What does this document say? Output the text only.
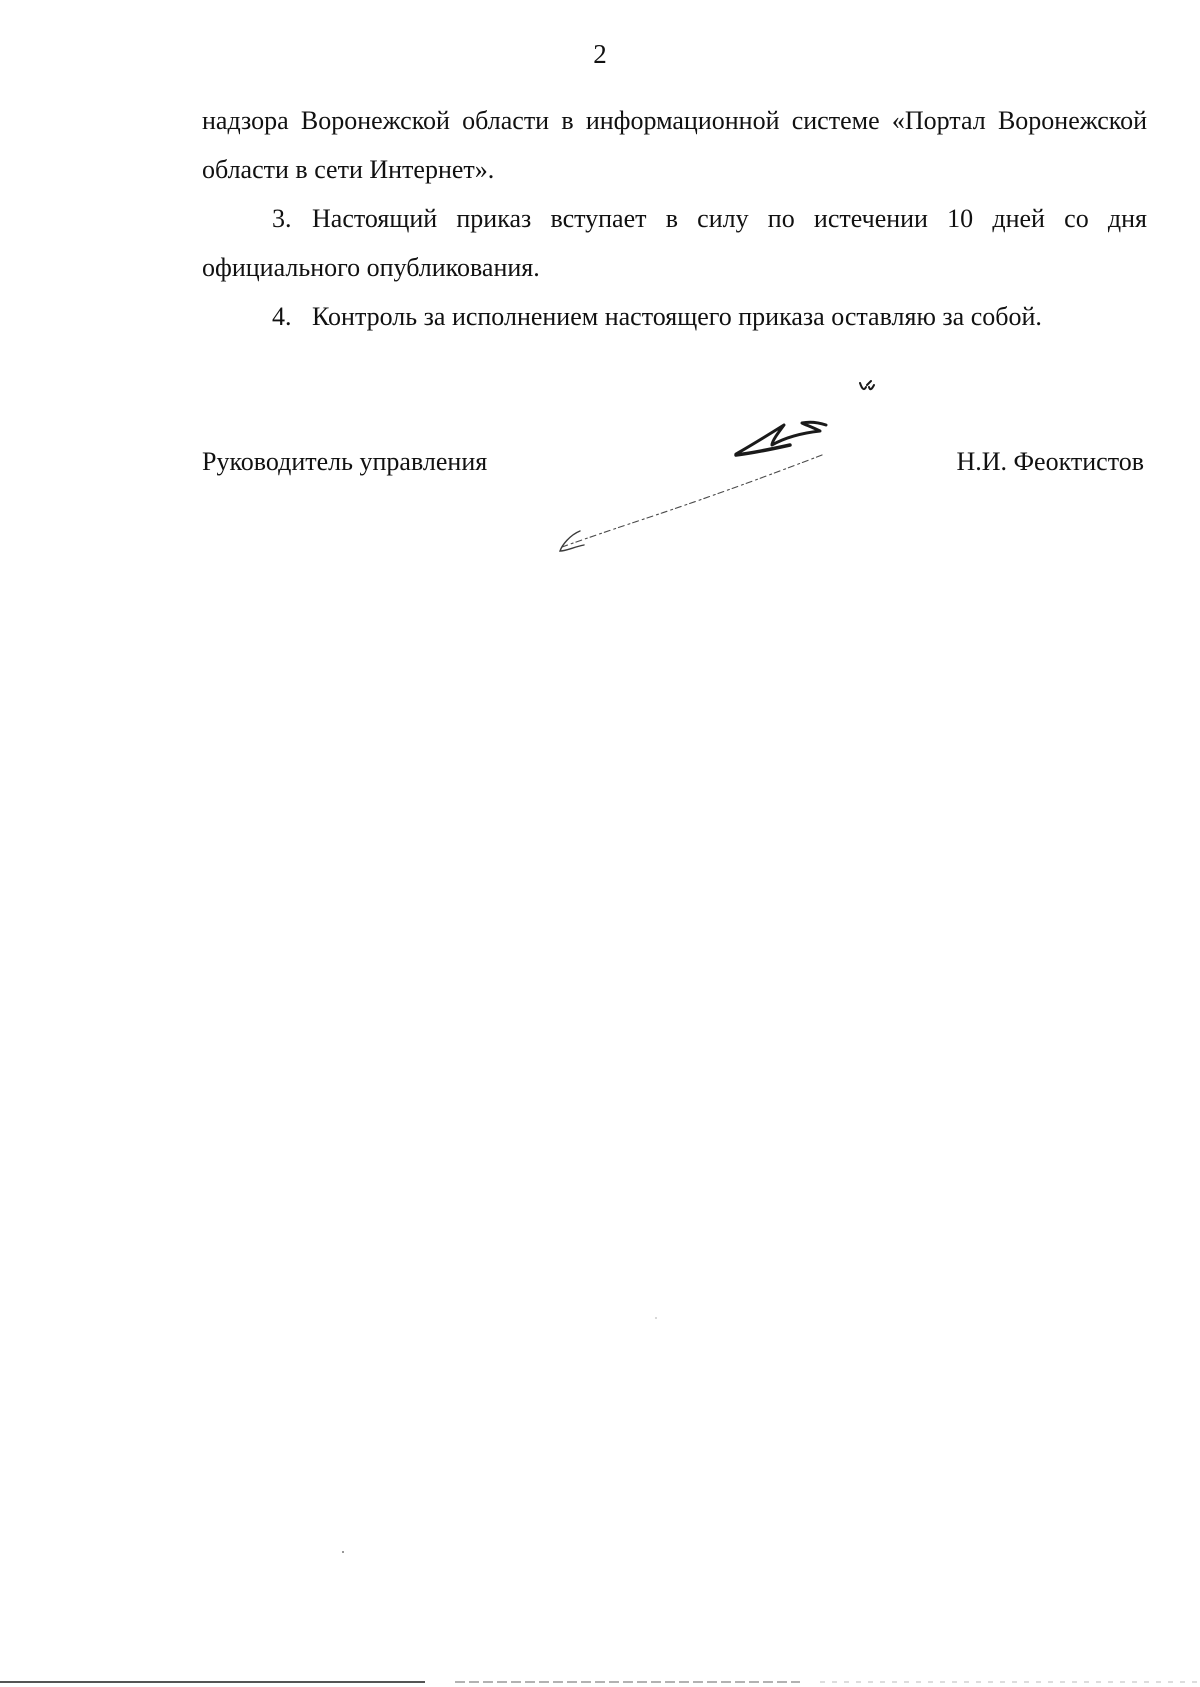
2

надзора Воронежской области в информационной системе «Портал Воронежской области в сети Интернет».

3. Настоящий приказ вступает в силу по истечении 10 дней со дня официального опубликования.

4. Контроль за исполнением настоящего приказа оставляю за собой.

Руководитель управления	Н.И. Феоктистов
